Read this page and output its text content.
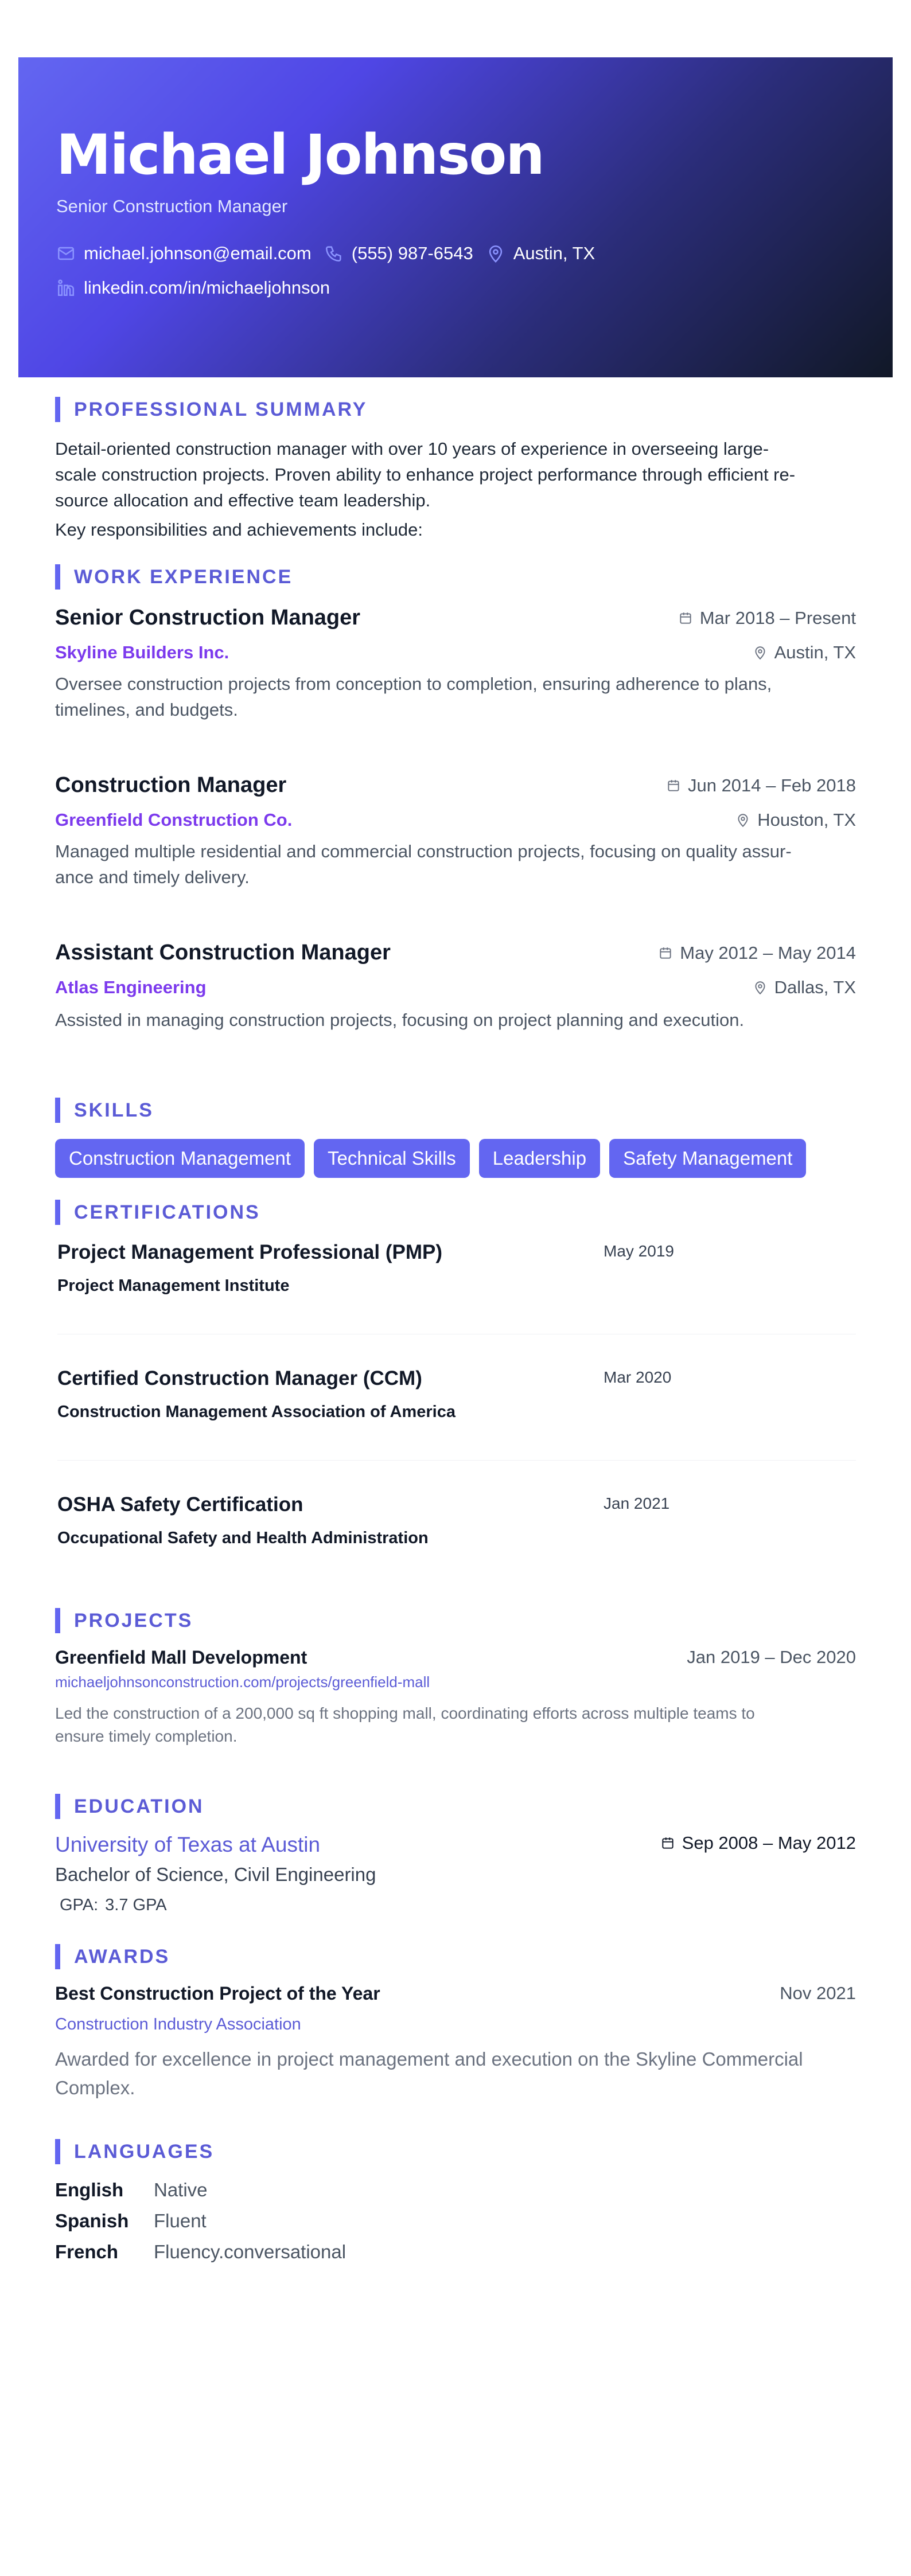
Michael Johnson
Senior Construction Manager
michael.johnson@email.com (555) 987-6543 Austin, TX
linkedin.com/in/michaeljohnson
PROFESSIONAL SUMMARY
Detail-oriented construction manager with over 10 years of experience in overseeing large-
scale construction projects. Proven ability to enhance project performance through efficient re-
source allocation and effective team leadership.
Key responsibilities and achievements include:
WORK EXPERIENCE
Senior Construction Manager	Mar 2018 – Present
Skyline Builders Inc.	Austin, TX
Oversee construction projects from conception to completion, ensuring adherence to plans,
timelines, and budgets.
Construction Manager	Jun 2014 – Feb 2018
Greenfield Construction Co.	Houston, TX
Managed multiple residential and commercial construction projects, focusing on quality assur-
ance and timely delivery.
Assistant Construction Manager	May 2012 – May 2014
Atlas Engineering	Dallas, TX
Assisted in managing construction projects, focusing on project planning and execution.
SKILLS
Construction Management	Technical Skills	Leadership	Safety Management
CERTIFICATIONS
Project Management Professional (PMP)	May 2019
Project Management Institute
Certified Construction Manager (CCM)	Mar 2020
Construction Management Association of America
OSHA Safety Certification	Jan 2021
Occupational Safety and Health Administration
PROJECTS
Greenfield Mall Development	Jan 2019 – Dec 2020
michaeljohnsonconstruction.com/projects/greenfield-mall
Led the construction of a 200,000 sq ft shopping mall, coordinating efforts across multiple teams to
ensure timely completion.
EDUCATION
University of Texas at Austin	Sep 2008 – May 2012
Bachelor of Science, Civil Engineering
GPA: 3.7 GPA
AWARDS
Best Construction Project of the Year	Nov 2021
Construction Industry Association
Awarded for excellence in project management and execution on the Skyline Commercial
Complex.
LANGUAGES
English Native
Spanish Fluent
French Fluency.conversational
